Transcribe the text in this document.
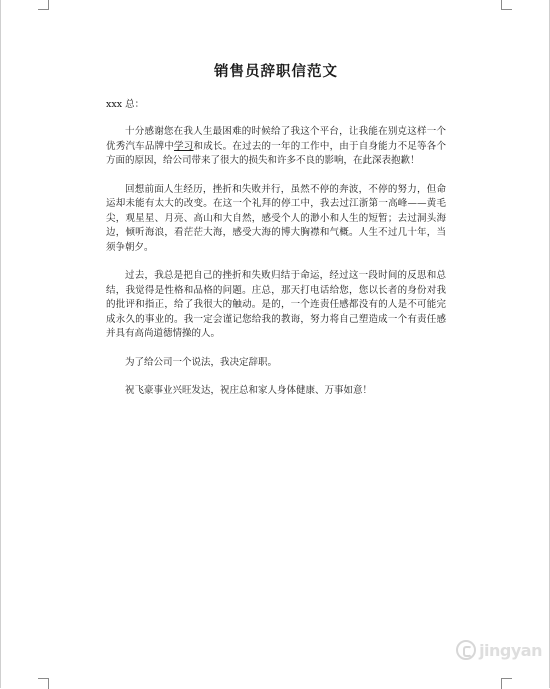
销售员辞职信范文
xxx 总：

十分感谢您在我人生最困难的时候给了我这个平台，让我能在别克这样一个优秀汽车品牌中学习和成长。在过去的一年的工作中，由于自身能力不足等各个方面的原因，给公司带来了很大的损失和许多不良的影响，在此深表抱歉！

回想前面人生经历，挫折和失败并行，虽然不停的奔波，不停的努力，但命运却未能有太大的改变。在这一个礼拜的停工中，我去过江浙第一高峰——黄毛尖，观星星、月亮、高山和大自然，感受个人的渺小和人生的短暂；去过洞头海边，倾听海浪，看茫茫大海，感受大海的博大胸襟和气概。人生不过几十年，当须争朝夕。

过去，我总是把自己的挫折和失败归结于命运，经过这一段时间的反思和总结，我觉得是性格和品格的问题。庄总，那天打电话给您，您以长者的身份对我的批评和指正，给了我很大的触动。是的，一个连责任感都没有的人是不可能完成永久的事业的。我一定会谨记您给我的教诲，努力将自己塑造成一个有责任感并具有高尚道德情操的人。

为了给公司一个说法，我决定辞职。

祝飞豪事业兴旺发达，祝庄总和家人身体健康、万事如意！

jingyan
